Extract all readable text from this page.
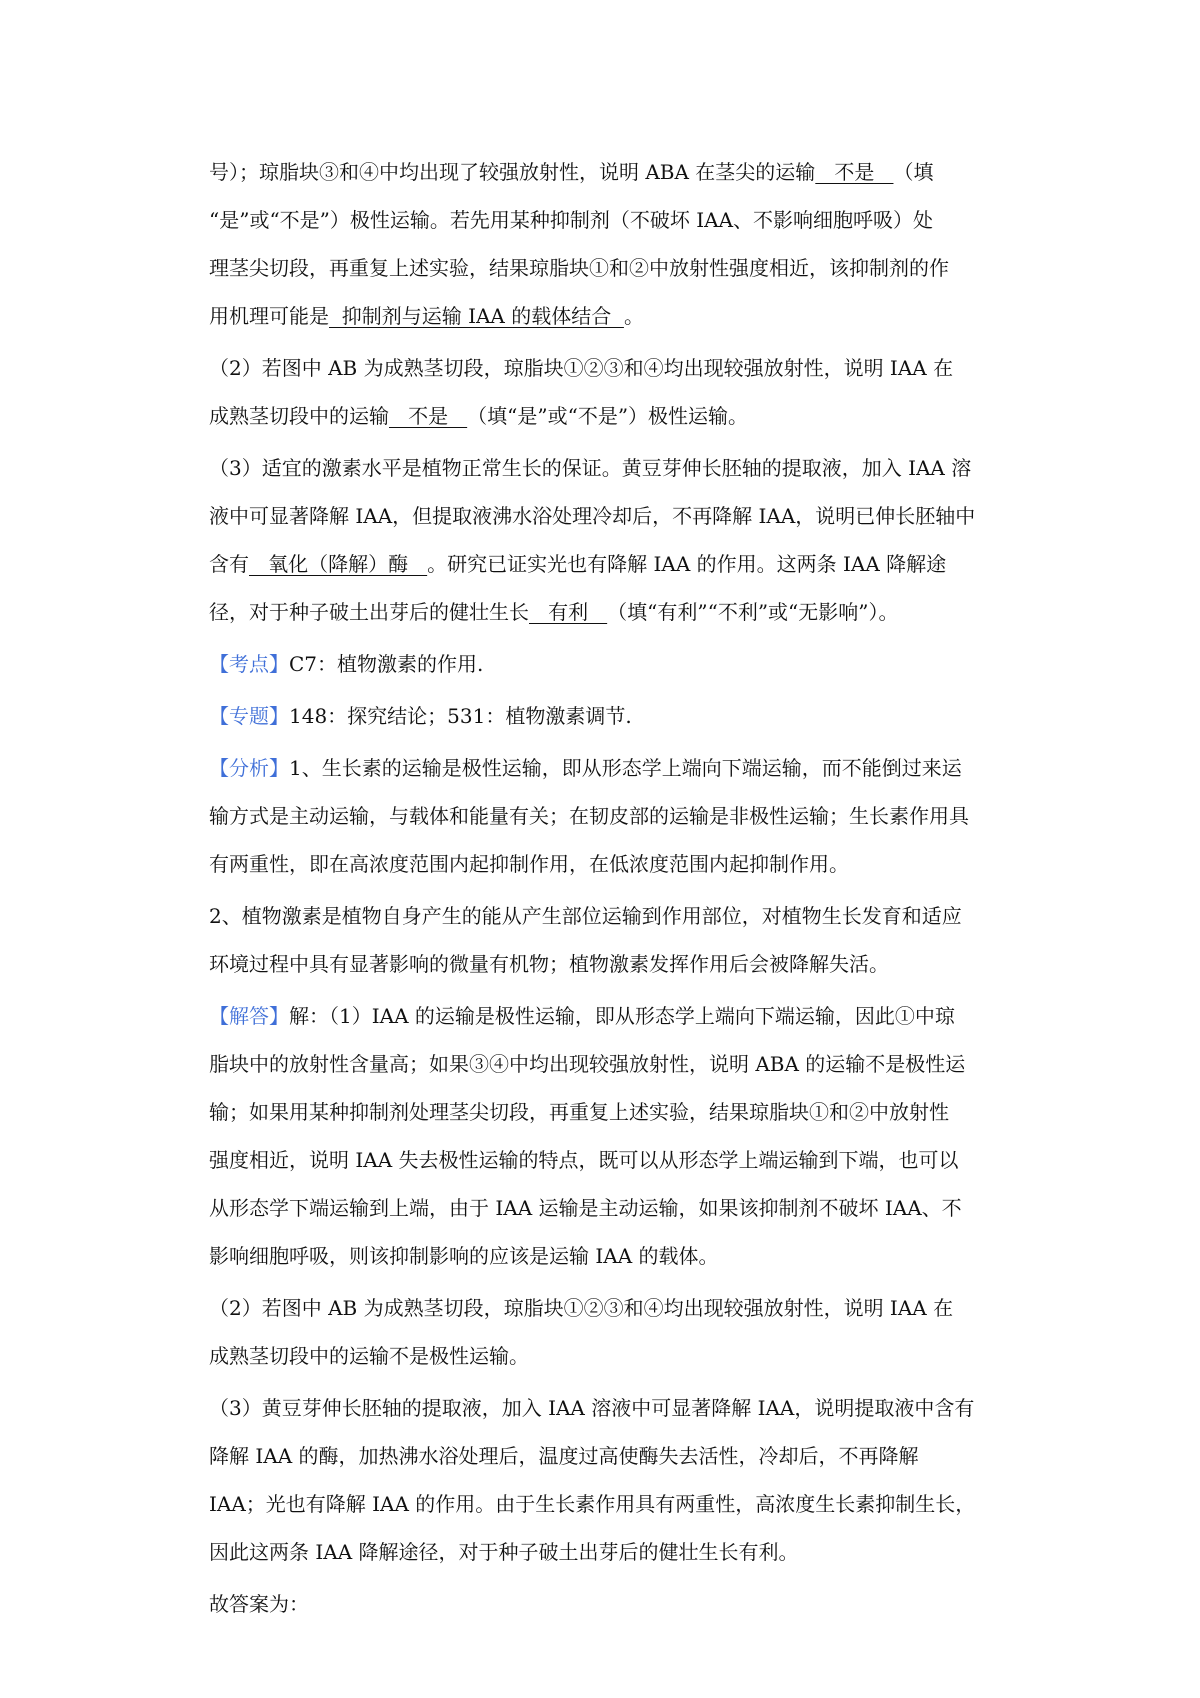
号）；琼脂块③和④中均出现了较强放射性，说明 ABA 在茎尖的运输   不是   （填
“是”或“不是”）极性运输。若先用某种抑制剂（不破坏 IAA、不影响细胞呼吸）处
理茎尖切段，再重复上述实验，结果琼脂块①和②中放射性强度相近，该抑制剂的作
用机理可能是  抑制剂与运输 IAA 的载体结合  。
（2）若图中 AB 为成熟茎切段，琼脂块①②③和④均出现较强放射性，说明 IAA 在
成熟茎切段中的运输   不是   （填“是”或“不是”）极性运输。
（3）适宜的激素水平是植物正常生长的保证。黄豆芽伸长胚轴的提取液，加入 IAA 溶
液中可显著降解 IAA，但提取液沸水浴处理冷却后，不再降解 IAA，说明已伸长胚轴中
含有   氧化（降解）酶   。研究已证实光也有降解 IAA 的作用。这两条 IAA 降解途
径，对于种子破土出芽后的健壮生长   有利   （填“有利”“不利”或“无影响”）。
【考点】C7：植物激素的作用.
【专题】148：探究结论；531：植物激素调节.
【分析】1、生长素的运输是极性运输，即从形态学上端向下端运输，而不能倒过来运
输方式是主动运输，与载体和能量有关；在韧皮部的运输是非极性运输；生长素作用具
有两重性，即在高浓度范围内起抑制作用，在低浓度范围内起抑制作用。
2、植物激素是植物自身产生的能从产生部位运输到作用部位，对植物生长发育和适应
环境过程中具有显著影响的微量有机物；植物激素发挥作用后会被降解失活。
【解答】解：（1）IAA 的运输是极性运输，即从形态学上端向下端运输，因此①中琼
脂块中的放射性含量高；如果③④中均出现较强放射性，说明 ABA 的运输不是极性运
输；如果用某种抑制剂处理茎尖切段，再重复上述实验，结果琼脂块①和②中放射性
强度相近，说明 IAA 失去极性运输的特点，既可以从形态学上端运输到下端，也可以
从形态学下端运输到上端，由于 IAA 运输是主动运输，如果该抑制剂不破坏 IAA、不
影响细胞呼吸，则该抑制影响的应该是运输 IAA 的载体。
（2）若图中 AB 为成熟茎切段，琼脂块①②③和④均出现较强放射性，说明 IAA 在
成熟茎切段中的运输不是极性运输。
（3）黄豆芽伸长胚轴的提取液，加入 IAA 溶液中可显著降解 IAA，说明提取液中含有
降解 IAA 的酶，加热沸水浴处理后，温度过高使酶失去活性，冷却后，不再降解
IAA；光也有降解 IAA 的作用。由于生长素作用具有两重性，高浓度生长素抑制生长，
因此这两条 IAA 降解途径，对于种子破土出芽后的健壮生长有利。
故答案为：
